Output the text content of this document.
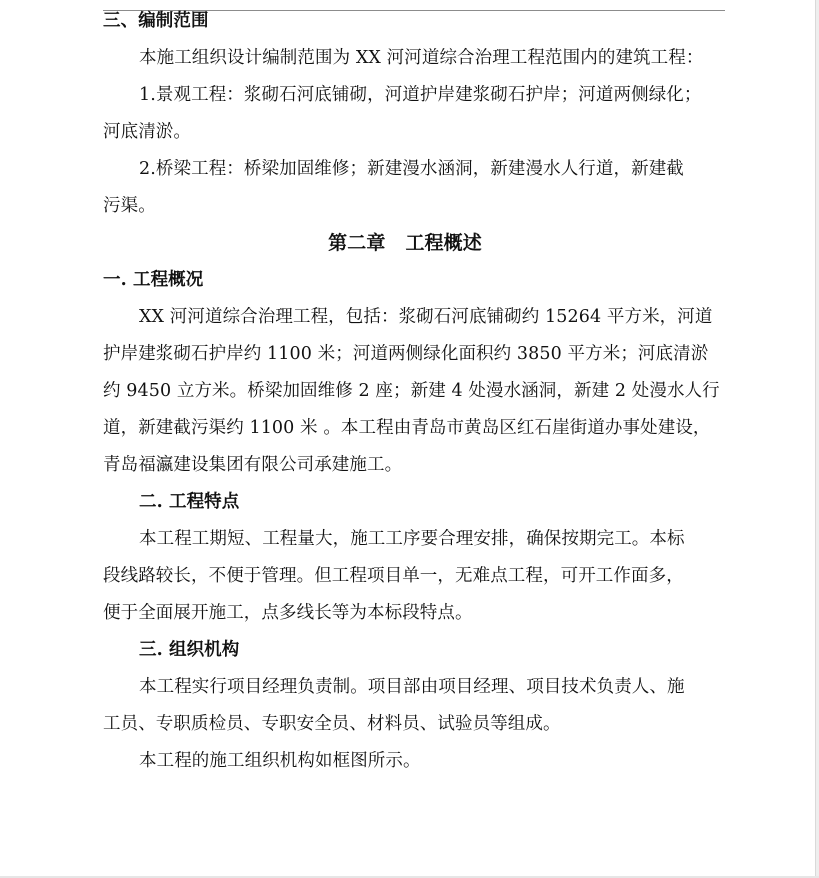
三、编制范围
本施工组织设计编制范围为 XX 河河道综合治理工程范围内的建筑工程：
1.景观工程：浆砌石河底铺砌，河道护岸建浆砌石护岸；河道两侧绿化；
河底清淤。
2.桥梁工程：桥梁加固维修；新建漫水涵洞，新建漫水人行道，新建截
污渠。
第二章 工程概述
一. 工程概况
XX 河河道综合治理工程，包括：浆砌石河底铺砌约 15264 平方米，河道
护岸建浆砌石护岸约 1100 米；河道两侧绿化面积约 3850 平方米；河底清淤
约 9450 立方米。桥梁加固维修 2 座；新建 4 处漫水涵洞，新建 2 处漫水人行
道，新建截污渠约 1100 米 。本工程由青岛市黄岛区红石崖街道办事处建设，
青岛福瀛建设集团有限公司承建施工。
二. 工程特点
本工程工期短、工程量大，施工工序要合理安排，确保按期完工。本标
段线路较长，不便于管理。但工程项目单一，无难点工程，可开工作面多，
便于全面展开施工，点多线长等为本标段特点。
三. 组织机构
本工程实行项目经理负责制。项目部由项目经理、项目技术负责人、施
工员、专职质检员、专职安全员、材料员、试验员等组成。
本工程的施工组织机构如框图所示。
